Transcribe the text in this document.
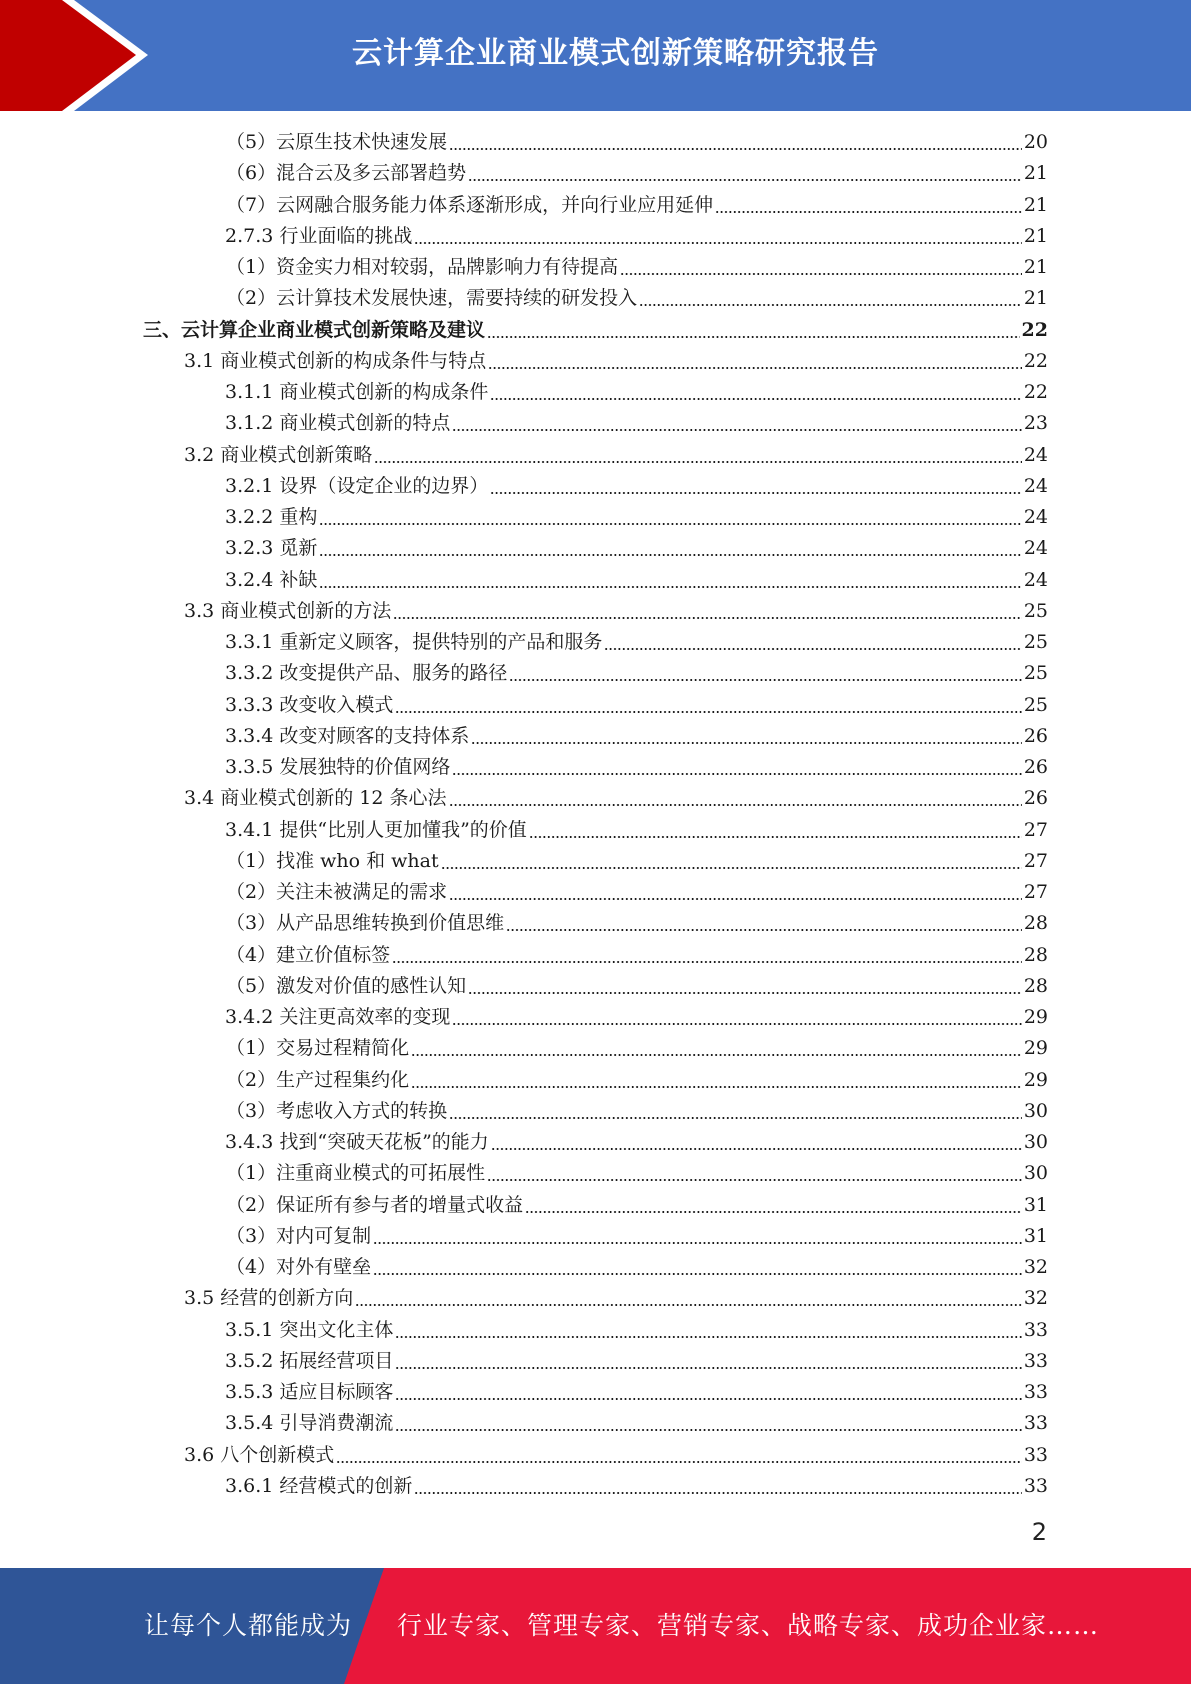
云计算企业商业模式创新策略研究报告
（5）云原生技术快速发展	20
（6）混合云及多云部署趋势	21
（7）云网融合服务能力体系逐渐形成，并向行业应用延伸	21
2.7.3 行业面临的挑战	21
（1）资金实力相对较弱，品牌影响力有待提高	21
（2）云计算技术发展快速，需要持续的研发投入	21
三、云计算企业商业模式创新策略及建议	22
3.1 商业模式创新的构成条件与特点	22
3.1.1 商业模式创新的构成条件	22
3.1.2 商业模式创新的特点	23
3.2 商业模式创新策略	24
3.2.1 设界（设定企业的边界）	24
3.2.2 重构	24
3.2.3 觅新	24
3.2.4 补缺	24
3.3 商业模式创新的方法	25
3.3.1 重新定义顾客，提供特别的产品和服务	25
3.3.2 改变提供产品、服务的路径	25
3.3.3 改变收入模式	25
3.3.4 改变对顾客的支持体系	26
3.3.5 发展独特的价值网络	26
3.4 商业模式创新的 12 条心法	26
3.4.1 提供“比别人更加懂我”的价值	27
（1）找准 who 和 what	27
（2）关注未被满足的需求	27
（3）从产品思维转换到价值思维	28
（4）建立价值标签	28
（5）激发对价值的感性认知	28
3.4.2 关注更高效率的变现	29
（1）交易过程精简化	29
（2）生产过程集约化	29
（3）考虑收入方式的转换	30
3.4.3 找到“突破天花板”的能力	30
（1）注重商业模式的可拓展性	30
（2）保证所有参与者的增量式收益	31
（3）对内可复制	31
（4）对外有壁垒	32
3.5 经营的创新方向	32
3.5.1 突出文化主体	33
3.5.2 拓展经营项目	33
3.5.3 适应目标顾客	33
3.5.4 引导消费潮流	33
3.6 八个创新模式	33
3.6.1 经营模式的创新	33
2
让每个人都能成为 行业专家、管理专家、营销专家、战略专家、成功企业家……
